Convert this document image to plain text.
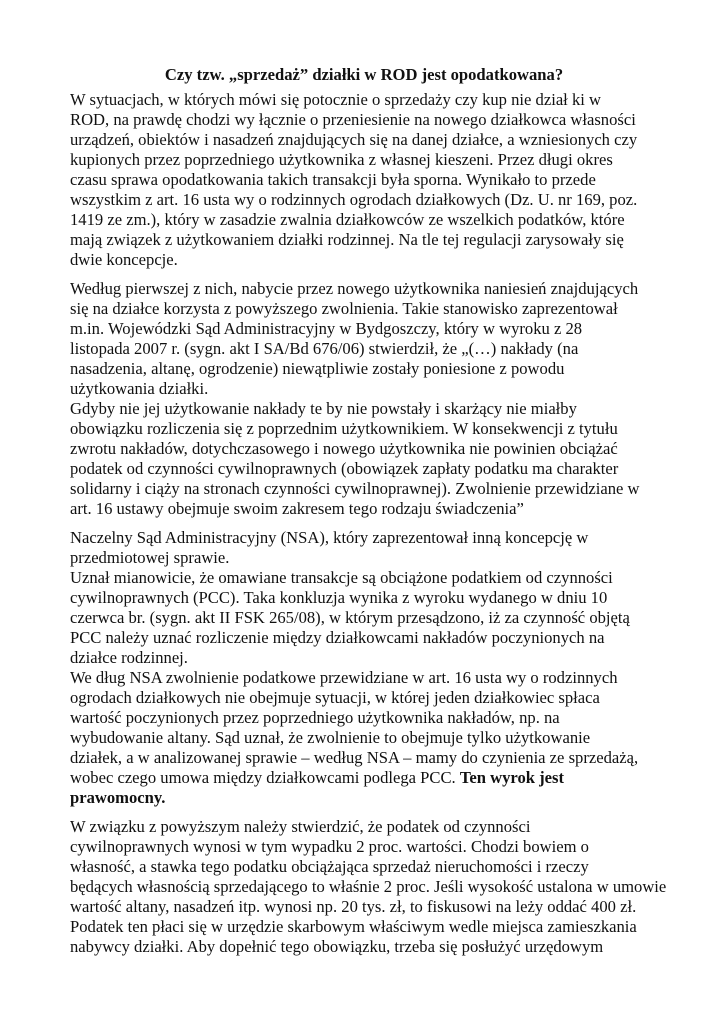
Czy tzw. „sprzedaż” działki w ROD jest opodatkowana?
W sytuacjach, w których mówi się potocznie o sprzedaży czy kup nie dział ki w
ROD, na prawdę chodzi wy łącznie o przeniesienie na nowego działkowca własności
urządzeń, obiektów i nasadzeń znajdujących się na danej działce, a wzniesionych czy
kupionych przez poprzedniego użytkownika z własnej kieszeni. Przez długi okres
czasu sprawa opodatkowania takich transakcji była sporna. Wynikało to przede
wszystkim z art. 16 usta wy o rodzinnych ogrodach działkowych (Dz. U. nr 169, poz.
1419 ze zm.), który w zasadzie zwalnia działkowców ze wszelkich podatków, które
mają związek z użytkowaniem działki rodzinnej. Na tle tej regulacji zarysowały się
dwie koncepcje.
Według pierwszej z nich, nabycie przez nowego użytkownika naniesień znajdujących
się na działce korzysta z powyższego zwolnienia. Takie stanowisko zaprezentował
m.in. Wojewódzki Sąd Administracyjny w Bydgoszczy, który w wyroku z 28
listopada 2007 r. (sygn. akt I SA/Bd 676/06) stwierdził, że „(…) nakłady (na
nasadzenia, altanę, ogrodzenie) niewątpliwie zostały poniesione z powodu
użytkowania działki.
Gdyby nie jej użytkowanie nakłady te by nie powstały i skarżący nie miałby
obowiązku rozliczenia się z poprzednim użytkownikiem. W konsekwencji z tytułu
zwrotu nakładów, dotychczasowego i nowego użytkownika nie powinien obciążać
podatek od czynności cywilnoprawnych (obowiązek zapłaty podatku ma charakter
solidarny i ciąży na stronach czynności cywilnoprawnej). Zwolnienie przewidziane w
art. 16 ustawy obejmuje swoim zakresem tego rodzaju świadczenia”
Naczelny Sąd Administracyjny (NSA), który zaprezentował inną koncepcję w
przedmiotowej sprawie.
Uznał mianowicie, że omawiane transakcje są obciążone podatkiem od czynności
cywilnoprawnych (PCC). Taka konkluzja wynika z wyroku wydanego w dniu 10
czerwca br. (sygn. akt II FSK 265/08), w którym przesądzono, iż za czynność objętą
PCC należy uznać rozliczenie między działkowcami nakładów poczynionych na
działce rodzinnej.
We dług NSA zwolnienie podatkowe przewidziane w art. 16 usta wy o rodzinnych
ogrodach działkowych nie obejmuje sytuacji, w której jeden działkowiec spłaca
wartość poczynionych przez poprzedniego użytkownika nakładów, np. na
wybudowanie altany. Sąd uznał, że zwolnienie to obejmuje tylko użytkowanie
działek, a w analizowanej sprawie – według NSA – mamy do czynienia ze sprzedażą,
wobec czego umowa między działkowcami podlega PCC. Ten wyrok jest
prawomocny.
W związku z powyższym należy stwierdzić, że podatek od czynności
cywilnoprawnych wynosi w tym wypadku 2 proc. wartości. Chodzi bowiem o
własność, a stawka tego podatku obciążająca sprzedaż nieruchomości i rzeczy
będących własnością sprzedającego to właśnie 2 proc. Jeśli wysokość ustalona w umowie
wartość altany, nasadzeń itp. wynosi np. 20 tys. zł, to fiskusowi na leży oddać 400 zł.
Podatek ten płaci się w urzędzie skarbowym właściwym wedle miejsca zamieszkania
nabywcy działki. Aby dopełnić tego obowiązku, trzeba się posłużyć urzędowym
